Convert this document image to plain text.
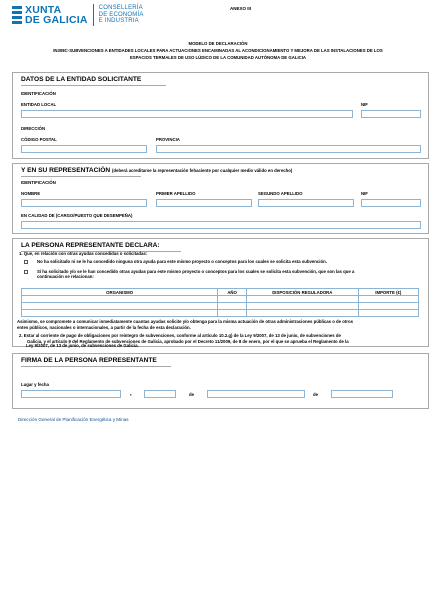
XUNTA
DE GALICIA
CONSELLERÍA
DE ECONOMÍA
E INDUSTRIA
ANEXO III
MODELO DE DECLARACIÓN
IN308C-SUBVENCIONES A ENTIDADES LOCALES PARA ACTUACIONES ENCAMINADAS AL ACONDICIONAMIENTO Y MEJORA DE LAS INSTALACIONES DE LOS
ESPACIOS TERMALES DE USO LÚDICO DE LA COMUNIDAD AUTÓNOMA DE GALICIA
DATOS DE LA ENTIDAD SOLICITANTE
IDENTIFICACIÓN
ENTIDAD LOCAL	NIF
DIRECCIÓN
CÓDIGO POSTAL	PROVINCIA
Y EN SU REPRESENTACIÓN (deberá acreditarse la representación fehaciente por cualquier medio válido en derecho)
IDENTIFICACIÓN
NOMBRE	PRIMER APELLIDO	SEGUNDO APELLIDO	NIF
EN CALIDAD DE (CARGO/PUESTO QUE DESEMPEÑA)
LA PERSONA REPRESENTANTE DECLARA:
1. Que, en relación con otras ayudas concedidas o solicitadas:
No ha solicitado ni se le ha concedido ninguna otra ayuda para este mismo proyecto o conceptos para los cuales se solicita esta subvención.
Sí ha solicitado y/o se le han concedido otras ayudas para este mismo proyecto o conceptos para los cuales se solicita esta subvención, que son las que a
continuación se relacionan:
ORGANISMO	AÑO	DISPOSICIÓN REGULADORA	IMPORTE (€)

Asimismo, se compromete a comunicar inmediatamente cuantas ayudas solicite y/o obtenga para la misma actuación de otras administraciones públicas o de otros
entes públicos, nacionales o internacionales, a partir de la fecha de esta declaración.
2. Estar al corriente de pago de obligaciones por reintegro de subvenciones, conforme al artículo 10.2.g) de la Ley 9/2007, de 13 de junio, de subvenciones de
Galicia, y el artículo 9 del Reglamento de subvenciones de Galicia, aprobado por el Decreto 11/2009, de 8 de enero, por el que se aprueba el Reglamento de la
Ley 9/2007, de 13 de junio, de subvenciones de Galicia.
FIRMA DE LA PERSONA REPRESENTANTE
Lugar y fecha
,	de	de
Dirección General de Planificación Energética y Minas
